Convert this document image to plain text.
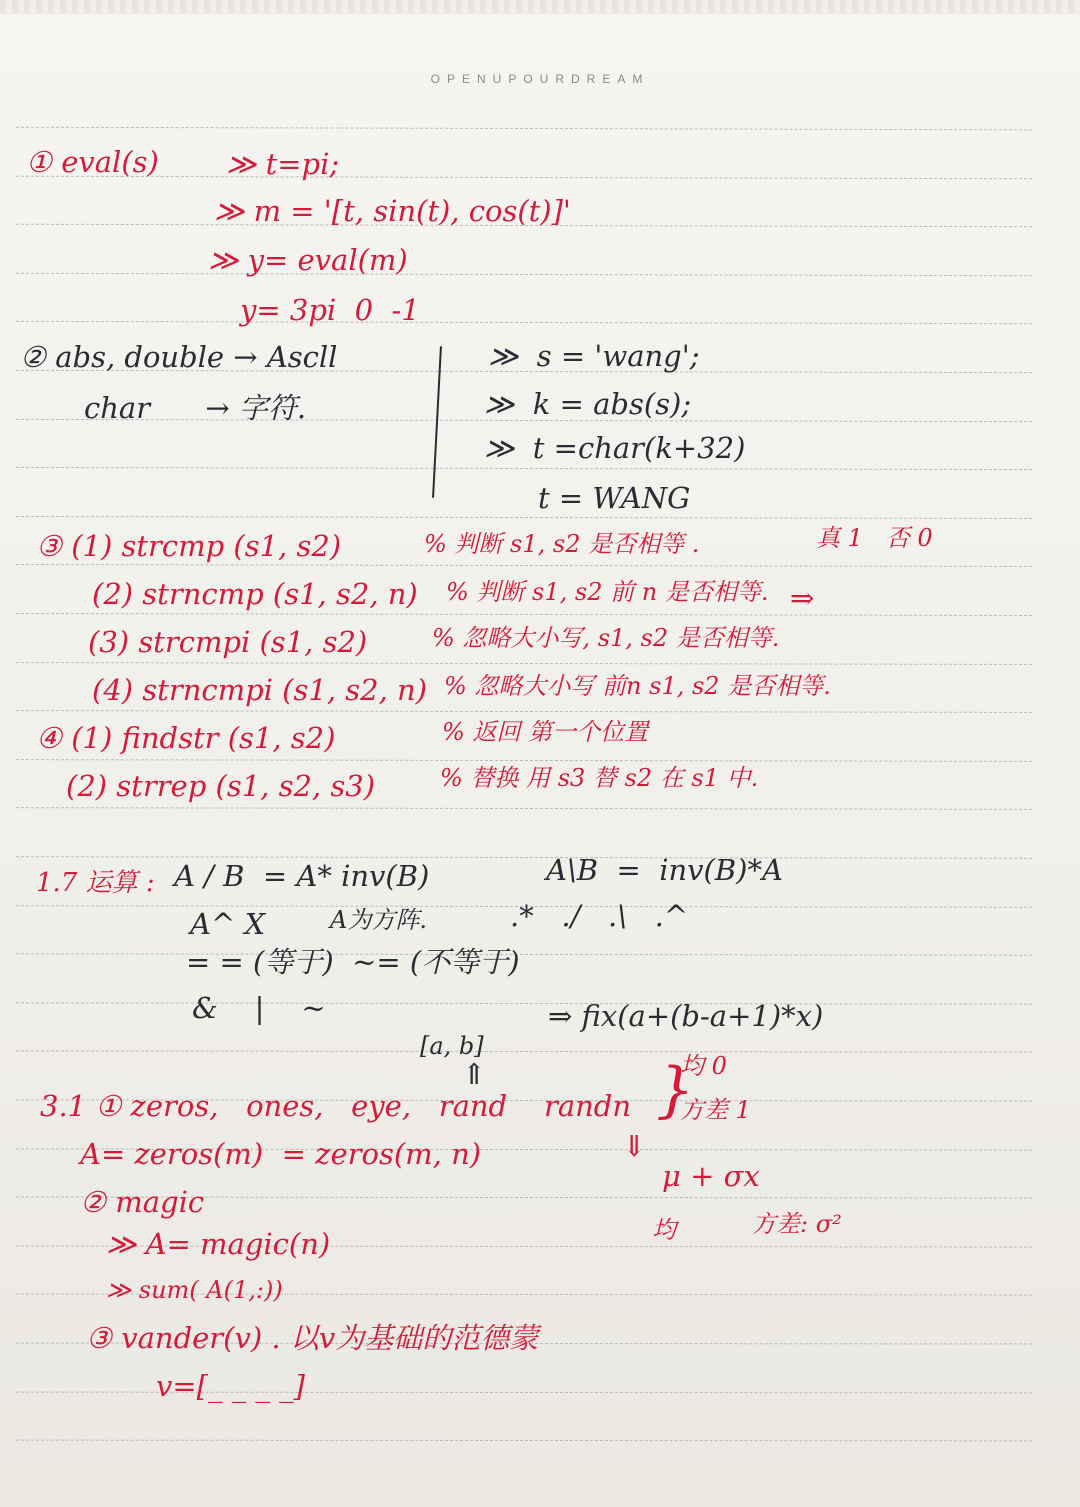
OPENUPOURDREAM
① eval(s) ≫ t=pi;
≫ m = '[t, sin(t), cos(t)]'
≫ y= eval(m)
y= 3pi  0  -1
② abs, double → Ascll
char      → 字符.
≫  s = 'wang';
≫  k = abs(s);
≫  t =char(k+32)
t = WANG
③ (1) strcmp (s1, s2)	% 判断 s1, s2 是否相等 .	真 1   否 0
(2) strncmp (s1, s2, n) % 判断 s1, s2 前 n 是否相等. ⇒
(3) strcmpi (s1, s2)	% 忽略大小写, s1, s2 是否相等.
(4) strncmpi (s1, s2, n) % 忽略大小写 前n s1, s2 是否相等.
④ (1) findstr (s1, s2)	% 返回 第一个位置
(2) strrep (s1, s2, s3)	% 替换 用 s3 替 s2 在 s1 中.
1.7 运算 : A / B  = A* inv(B)	A\B  =  inv(B)*A
A^ X	A为方阵.	.*   ./   .\   .^
= = (等于)  ~= (不等于)
&    |    ~	⇒ fix(a+(b-a+1)*x)
[a, b]
⇑
3.1 ① zeros,   ones,   eye,   rand    randn }
均 0
方差 1
⇓
μ + σx
均	方差: σ²
A= zeros(m)  = zeros(m, n)
② magic
≫ A= magic(n)
≫ sum( A(1,:))
③ vander(v) . 以v为基础的范德蒙
v=[_ _ _ _]
